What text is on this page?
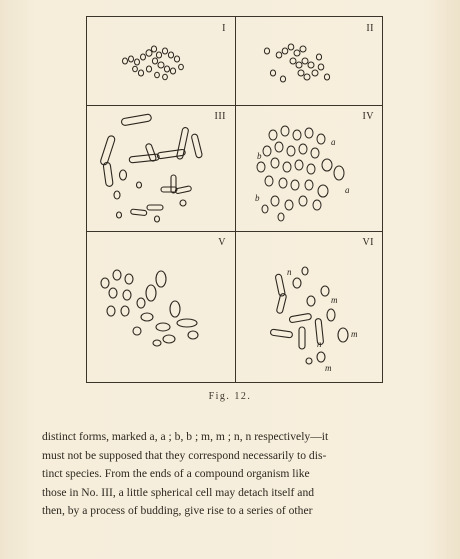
I	II
III	IV
a
a
b
b
V	VI
n
n
m
m
m
Fig. 12.
distinct forms, marked a, a ; b, b ; m, m ; n, n respectively—it
must not be supposed that they correspond necessarily to dis-
tinct species. From the ends of a compound organism like
those in No. III, a little spherical cell may detach itself and
then, by a process of budding, give rise to a series of other
